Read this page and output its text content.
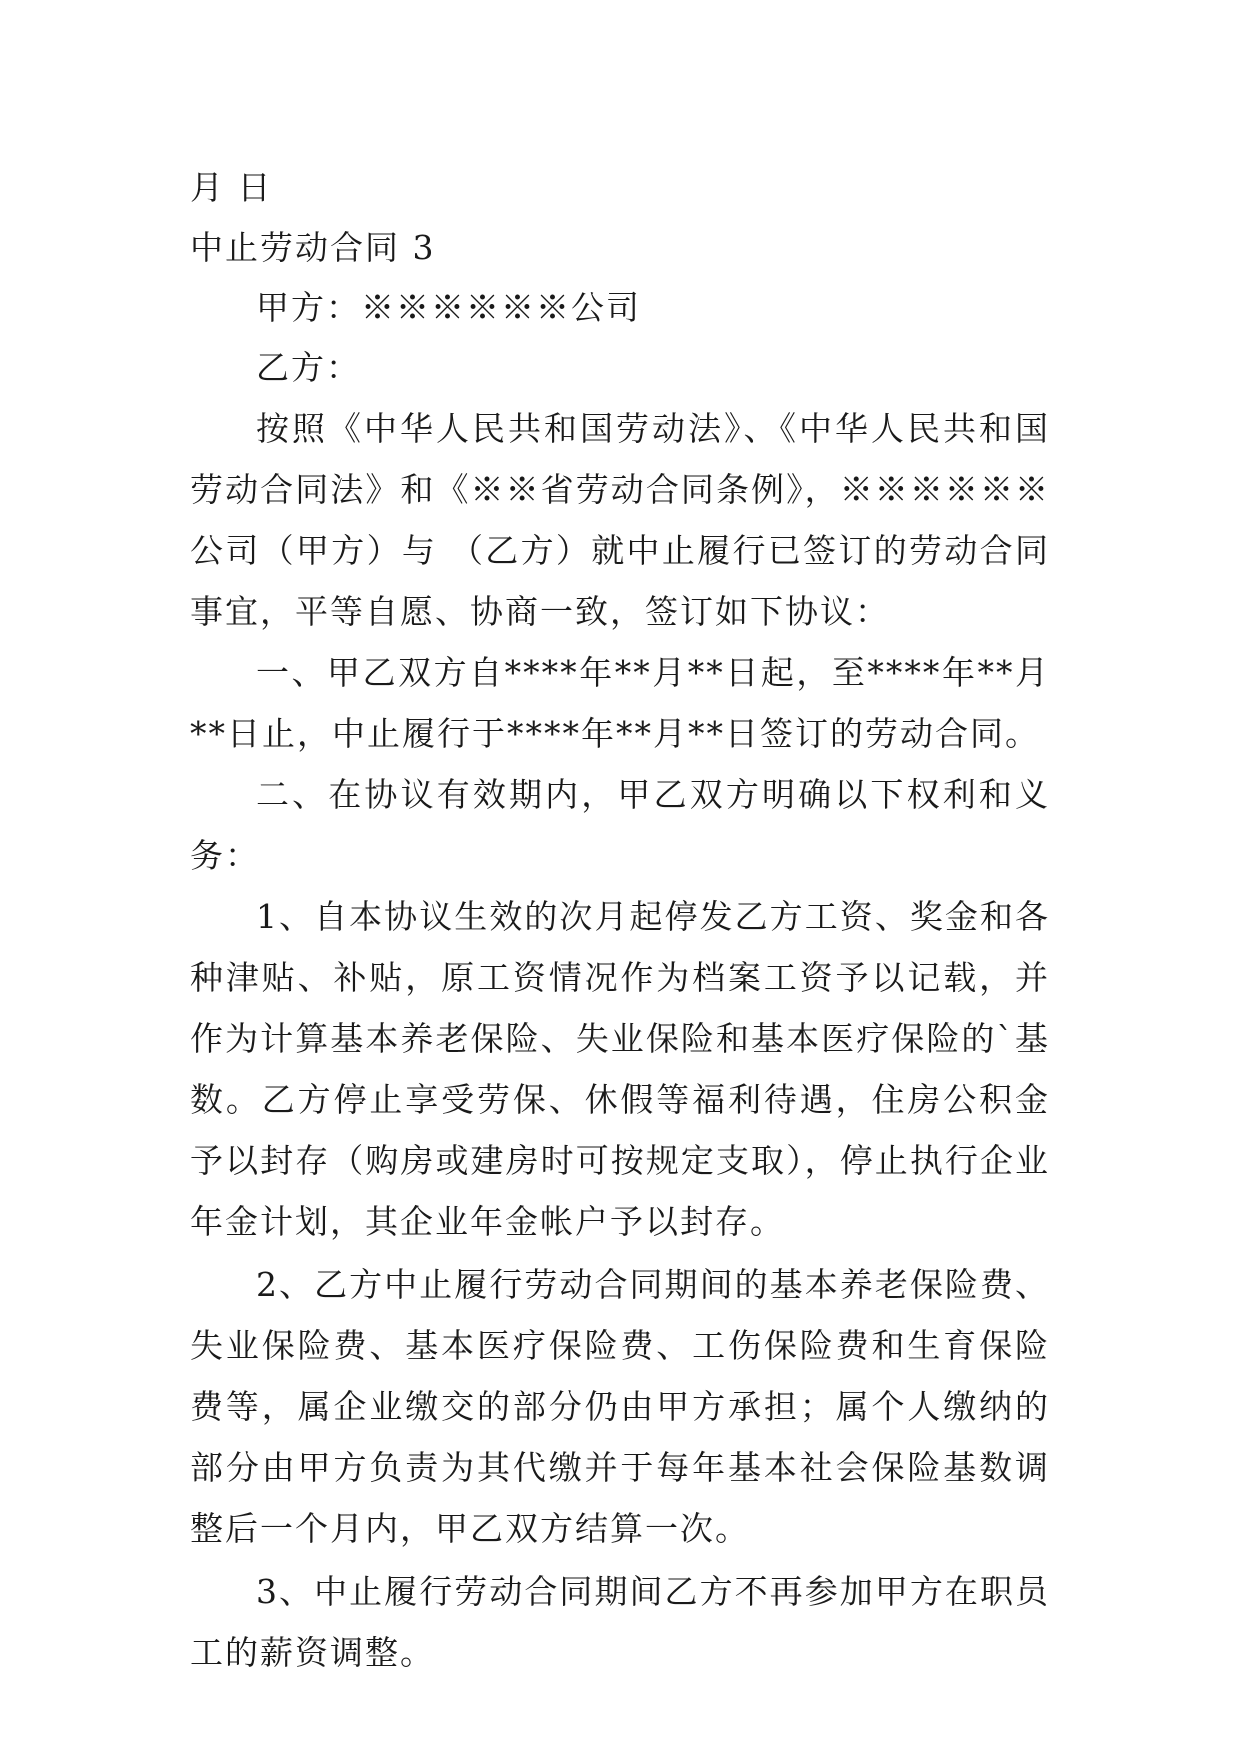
月 日
中止劳动合同 3
甲方：※※※※※※公司
乙方：
按照《中华人民共和国劳动法》、《中华人民共和国劳动合同法》和《※※省劳动合同条例》，※※※※※※公司（甲方）与 （乙方）就中止履行已签订的劳动合同事宜，平等自愿、协商一致，签订如下协议：
一、甲乙双方自****年**月**日起，至****年**月**日止，中止履行于****年**月**日签订的劳动合同。
二、在协议有效期内，甲乙双方明确以下权利和义务：
1、自本协议生效的次月起停发乙方工资、奖金和各种津贴、补贴，原工资情况作为档案工资予以记载，并作为计算基本养老保险、失业保险和基本医疗保险的`基数。乙方停止享受劳保、休假等福利待遇，住房公积金予以封存（购房或建房时可按规定支取），停止执行企业年金计划，其企业年金帐户予以封存。
2、乙方中止履行劳动合同期间的基本养老保险费、失业保险费、基本医疗保险费、工伤保险费和生育保险费等，属企业缴交的部分仍由甲方承担；属个人缴纳的部分由甲方负责为其代缴并于每年基本社会保险基数调整后一个月内，甲乙双方结算一次。
3、中止履行劳动合同期间乙方不再参加甲方在职员工的薪资调整。
